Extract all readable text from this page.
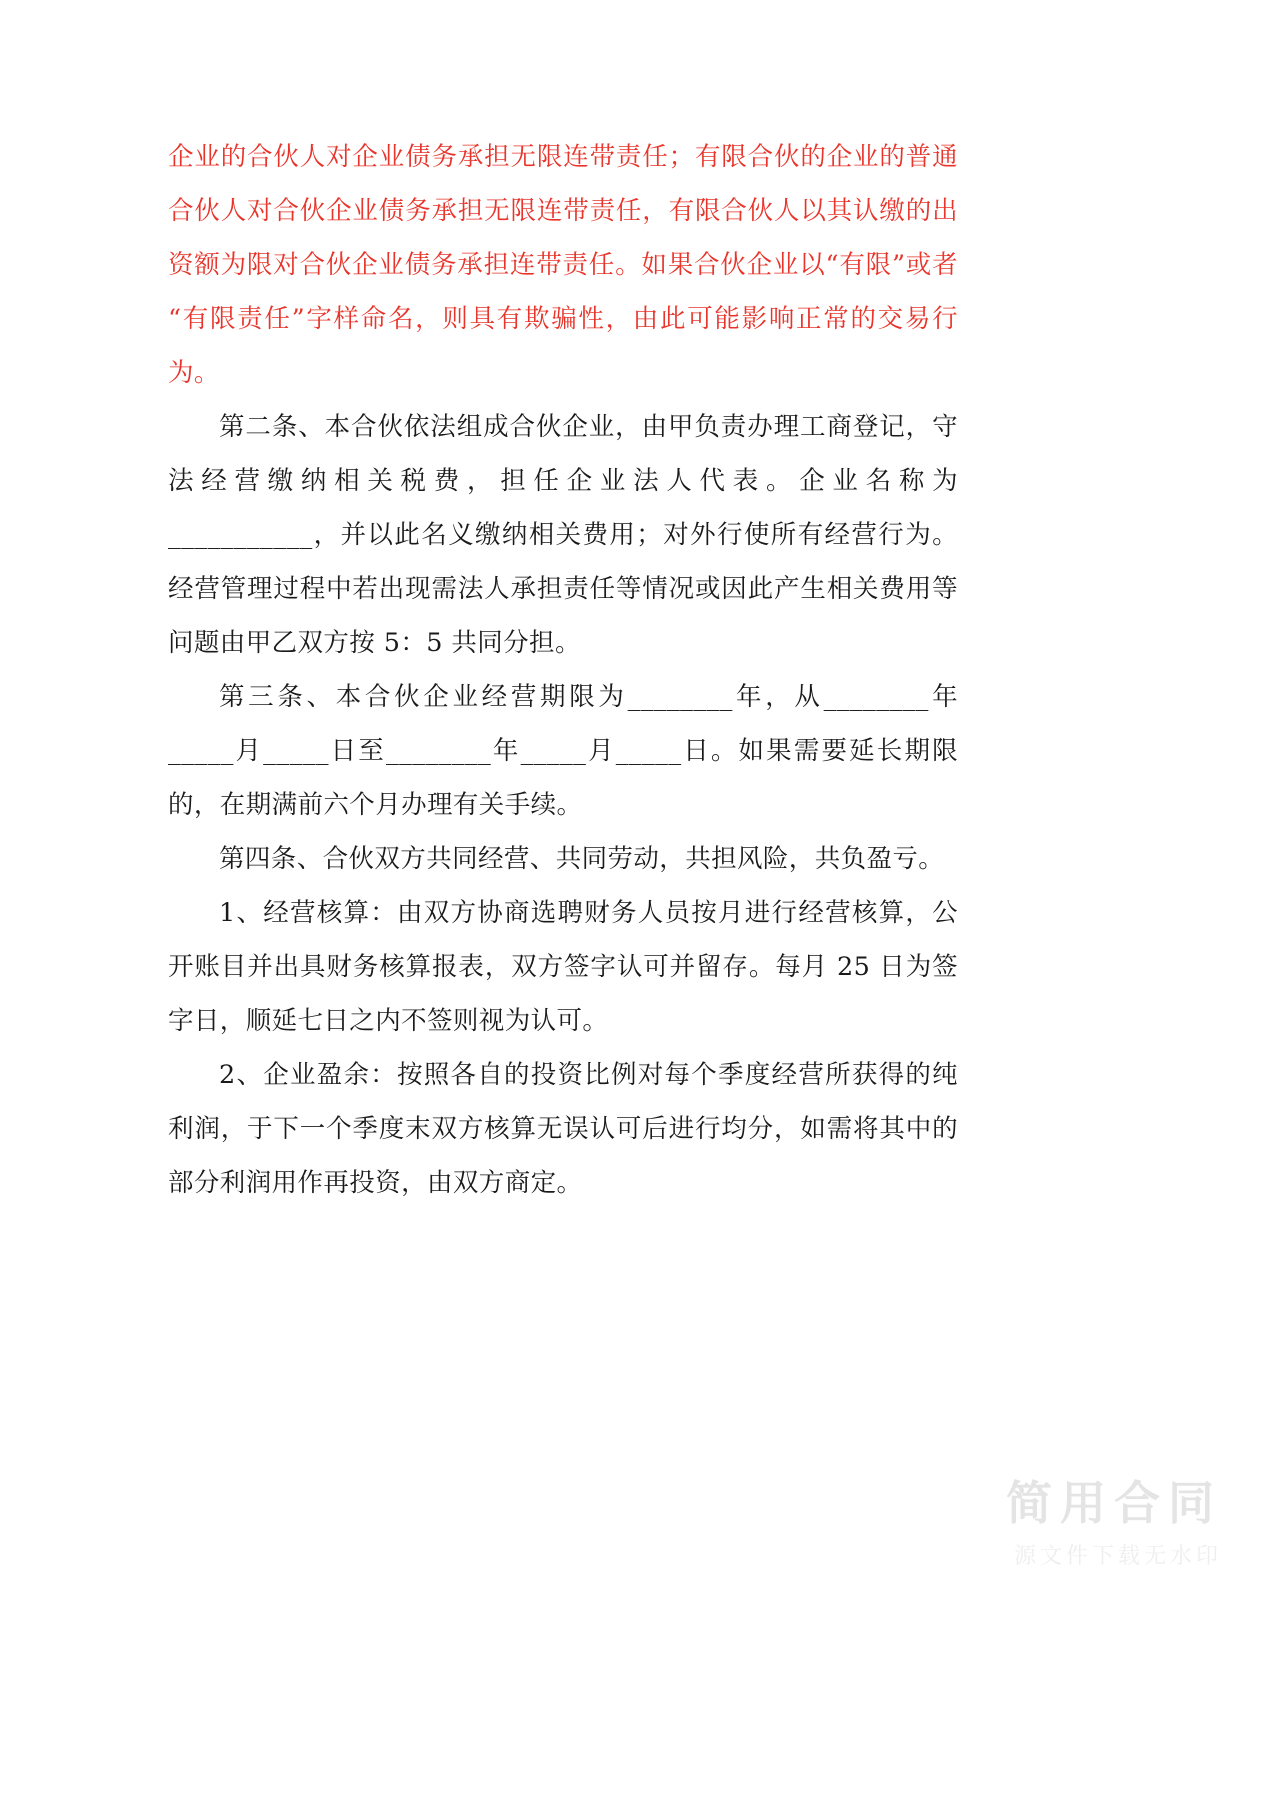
企业的合伙人对企业债务承担无限连带责任；有限合伙的企业的普通合伙人对合伙企业债务承担无限连带责任，有限合伙人以其认缴的出资额为限对合伙企业债务承担连带责任。如果合伙企业以“有限”或者“有限责任”字样命名，则具有欺骗性，由此可能影响正常的交易行为。

第二条、本合伙依法组成合伙企业，由甲负责办理工商登记，守法经营缴纳相关税费，担任企业法人代表。企业名称为___________，并以此名义缴纳相关费用；对外行使所有经营行为。经营管理过程中若出现需法人承担责任等情况或因此产生相关费用等问题由甲乙双方按 5：5 共同分担。

第三条、本合伙企业经营期限为________年，从________年_____月_____日至________年_____月_____日。如果需要延长期限的，在期满前六个月办理有关手续。

第四条、合伙双方共同经营、共同劳动，共担风险，共负盈亏。

1、经营核算：由双方协商选聘财务人员按月进行经营核算，公开账目并出具财务核算报表，双方签字认可并留存。每月 25 日为签字日，顺延七日之内不签则视为认可。

2、企业盈余：按照各自的投资比例对每个季度经营所获得的纯利润，于下一个季度末双方核算无误认可后进行均分，如需将其中的部分利润用作再投资，由双方商定。

简用合同
源文件下载无水印
